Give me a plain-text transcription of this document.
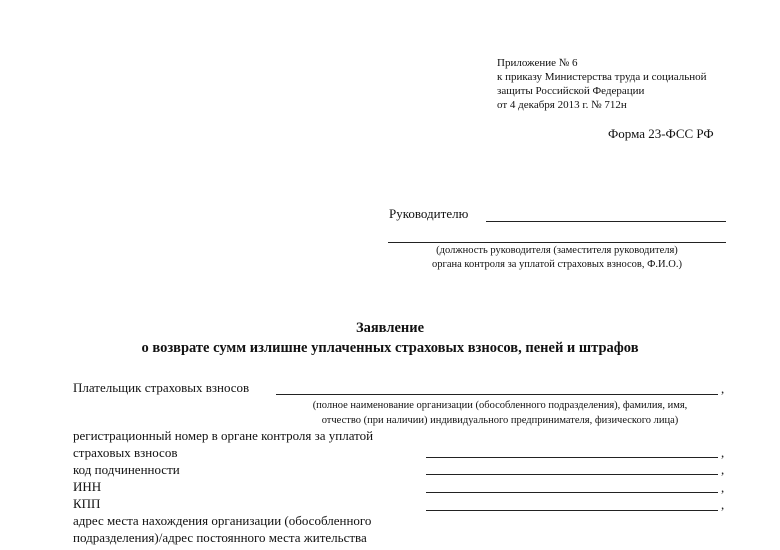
Приложение № 6
к приказу Министерства труда и социальной
защиты Российской Федерации
от 4 декабря 2013 г. № 712н
Форма 23-ФСС РФ
Руководителю
(должность руководителя (заместителя руководителя)
органа контроля за уплатой страховых взносов, Ф.И.О.)
Заявление
о возврате сумм излишне уплаченных страховых взносов, пеней и штрафов
Плательщик страховых взносов	,
(полное наименование организации (обособленного подразделения), фамилия, имя,
отчество (при наличии) индивидуального предпринимателя, физического лица)
регистрационный номер в органе контроля за уплатой
страховых взносов	,
код подчиненности	,
ИНН	,
КПП	,
адрес места нахождения организации (обособленного
подразделения)/адрес постоянного места жительства
